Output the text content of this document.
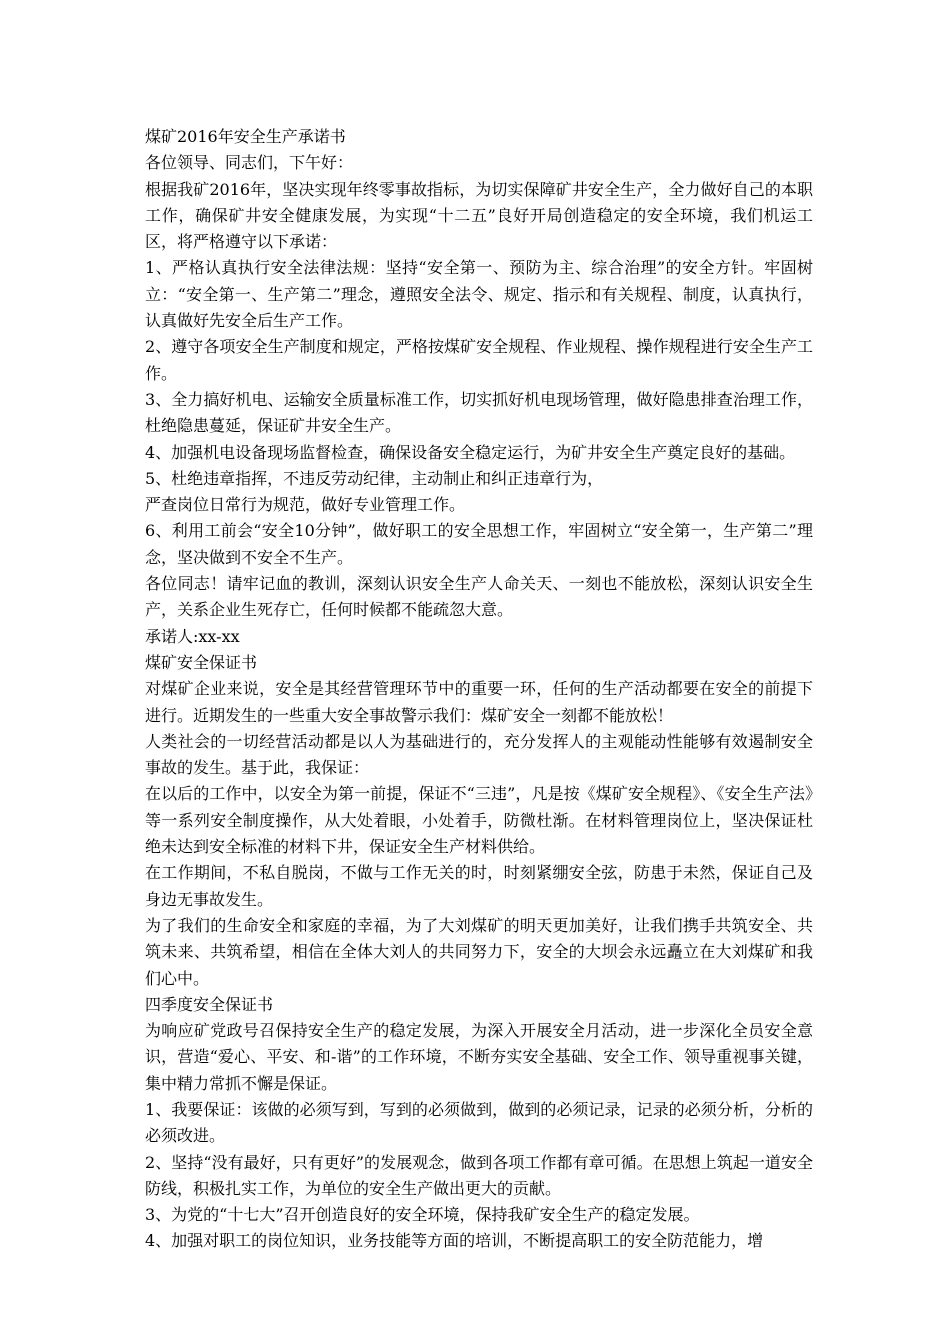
煤矿2016年安全生产承诺书

各位领导、同志们，下午好：

根据我矿2016年，坚决实现年终零事故指标，为切实保障矿井安全生产，全力做好自己的本职工作，确保矿井安全健康发展，为实现“十二五”良好开局创造稳定的安全环境，我们机运工区，将严格遵守以下承诺：

1、严格认真执行安全法律法规：坚持“安全第一、预防为主、综合治理”的安全方针。牢固树立：“安全第一、生产第二”理念，遵照安全法令、规定、指示和有关规程、制度，认真执行，认真做好先安全后生产工作。

2、遵守各项安全生产制度和规定，严格按煤矿安全规程、作业规程、操作规程进行安全生产工作。

3、全力搞好机电、运输安全质量标准工作，切实抓好机电现场管理，做好隐患排查治理工作，杜绝隐患蔓延，保证矿井安全生产。

4、加强机电设备现场监督检查，确保设备安全稳定运行，为矿井安全生产奠定良好的基础。

5、杜绝违章指挥，不违反劳动纪律，主动制止和纠正违章行为，

严查岗位日常行为规范，做好专业管理工作。

6、利用工前会“安全10分钟”，做好职工的安全思想工作，牢固树立“安全第一，生产第二”理念，坚决做到不安全不生产。

各位同志！请牢记血的教训，深刻认识安全生产人命关天、一刻也不能放松，深刻认识安全生产，关系企业生死存亡，任何时候都不能疏忽大意。

承诺人:xx-xx

煤矿安全保证书

对煤矿企业来说，安全是其经营管理环节中的重要一环，任何的生产活动都要在安全的前提下进行。近期发生的一些重大安全事故警示我们：煤矿安全一刻都不能放松！

人类社会的一切经营活动都是以人为基础进行的，充分发挥人的主观能动性能够有效遏制安全事故的发生。基于此，我保证：

在以后的工作中，以安全为第一前提，保证不“三违”，凡是按《煤矿安全规程》、《安全生产法》等一系列安全制度操作，从大处着眼，小处着手，防微杜渐。在材料管理岗位上，坚决保证杜绝未达到安全标准的材料下井，保证安全生产材料供给。

在工作期间，不私自脱岗，不做与工作无关的时，时刻紧绷安全弦，防患于未然，保证自己及身边无事故发生。

为了我们的生命安全和家庭的幸福，为了大刘煤矿的明天更加美好，让我们携手共筑安全、共筑未来、共筑希望，相信在全体大刘人的共同努力下，安全的大坝会永远矗立在大刘煤矿和我们心中。

四季度安全保证书

为响应矿党政号召保持安全生产的稳定发展，为深入开展安全月活动，进一步深化全员安全意识，营造“爱心、平安、和-谐”的工作环境，不断夯实安全基础、安全工作、领导重视事关键，集中精力常抓不懈是保证。

1、我要保证：该做的必须写到，写到的必须做到，做到的必须记录，记录的必须分析，分析的必须改进。

2、坚持“没有最好，只有更好”的发展观念，做到各项工作都有章可循。在思想上筑起一道安全防线，积极扎实工作，为单位的安全生产做出更大的贡献。

3、为党的“十七大”召开创造良好的安全环境，保持我矿安全生产的稳定发展。

4、加强对职工的岗位知识，业务技能等方面的培训，不断提高职工的安全防范能力，增
